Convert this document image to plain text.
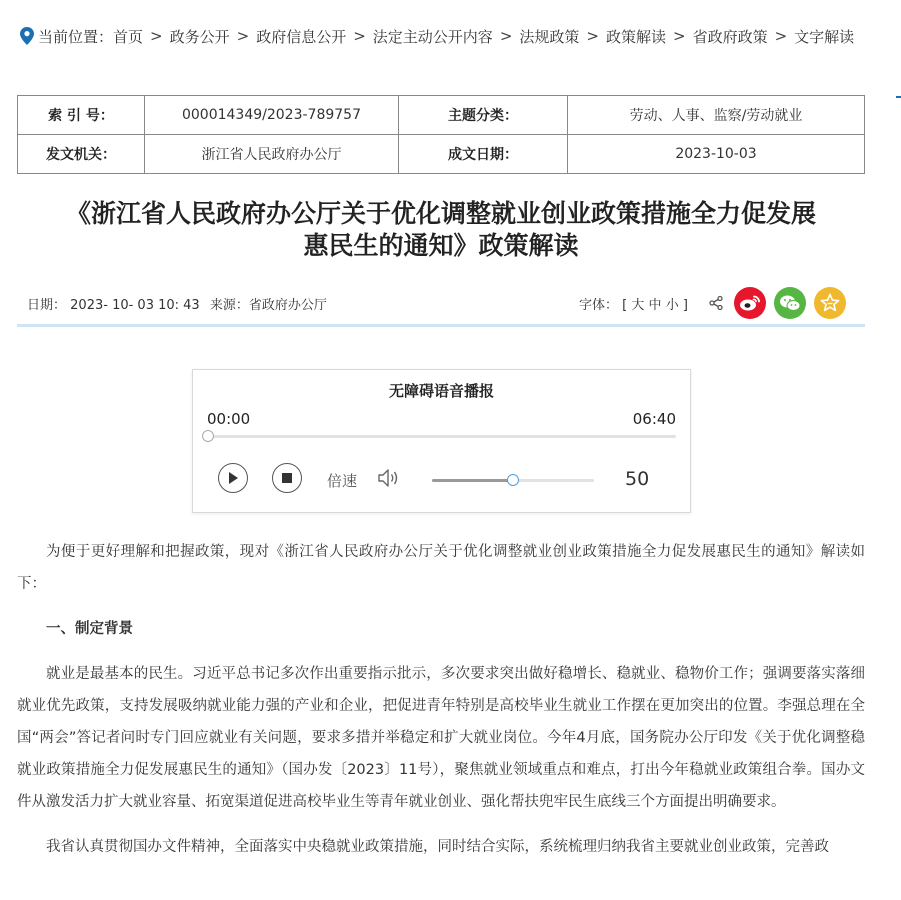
当前位置： 首页 > 政务公开 > 政府信息公开 > 法定主动公开内容 > 法规政策 > 政策解读 > 省政府政策 > 文字解读
索 引 号：	000014349/2023-789757	主题分类：	劳动、人事、监察/劳动就业
发文机关：	浙江省人民政府办公厅	成文日期：	2023-10-03
《浙江省人民政府办公厅关于优化调整就业创业政策措施全力促发展
惠民生的通知》政策解读
日期： 2023- 10- 03 10: 43 来源：省政府办公厅	字体： [ 大 中 小 ]
无障碍语音播报
00:00	06:40
倍速	50

为便于更好理解和把握政策，现对《浙江省人民政府办公厅关于优化调整就业创业政策措施全力促发展惠民生的通知》解读如下：

一、制定背景

就业是最基本的民生。习近平总书记多次作出重要指示批示，多次要求突出做好稳增长、稳就业、稳物价工作；强调要落实落细就业优先政策，支持发展吸纳就业能力强的产业和企业，把促进青年特别是高校毕业生就业工作摆在更加突出的位置。李强总理在全国“两会”答记者问时专门回应就业有关问题，要求多措并举稳定和扩大就业岗位。今年4月底，国务院办公厅印发《关于优化调整稳就业政策措施全力促发展惠民生的通知》（国办发〔2023〕11号），聚焦就业领域重点和难点，打出今年稳就业政策组合拳。国办文件从激发活力扩大就业容量、拓宽渠道促进高校毕业生等青年就业创业、强化帮扶兜牢民生底线三个方面提出明确要求。

我省认真贯彻国办文件精神，全面落实中央稳就业政策措施，同时结合实际，系统梳理归纳我省主要就业创业政策，完善政
